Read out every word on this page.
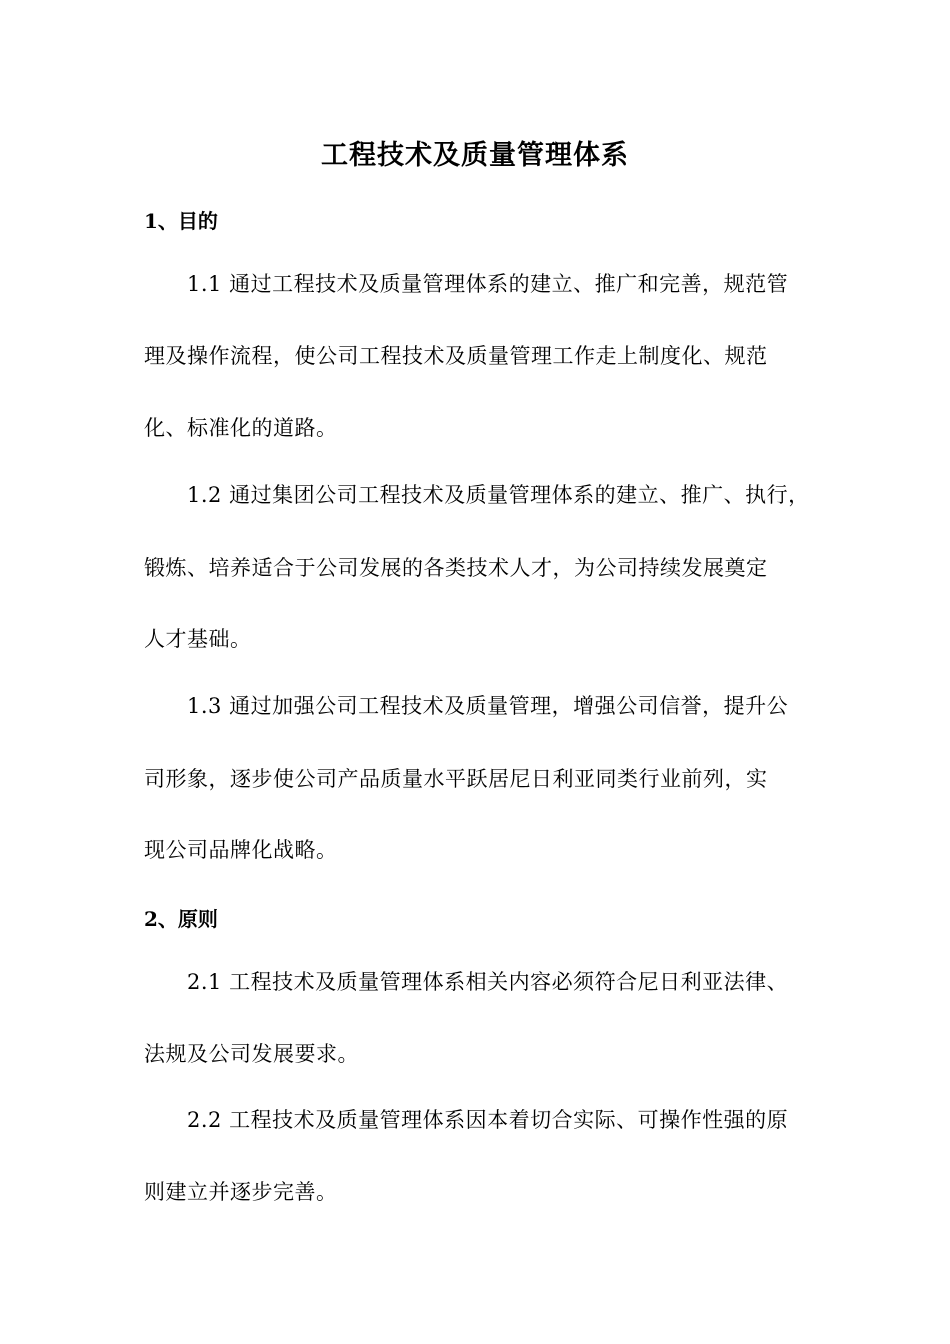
工程技术及质量管理体系
1、目的

1.1 通过工程技术及质量管理体系的建立、推广和完善，规范管

理及操作流程，使公司工程技术及质量管理工作走上制度化、规范

化、标准化的道路。

1.2 通过集团公司工程技术及质量管理体系的建立、推广、执行，

锻炼、培养适合于公司发展的各类技术人才，为公司持续发展奠定

人才基础。

1.3 通过加强公司工程技术及质量管理，增强公司信誉，提升公

司形象，逐步使公司产品质量水平跃居尼日利亚同类行业前列，实

现公司品牌化战略。

2、原则

2.1 工程技术及质量管理体系相关内容必须符合尼日利亚法律、

法规及公司发展要求。

2.2 工程技术及质量管理体系因本着切合实际、可操作性强的原

则建立并逐步完善。
